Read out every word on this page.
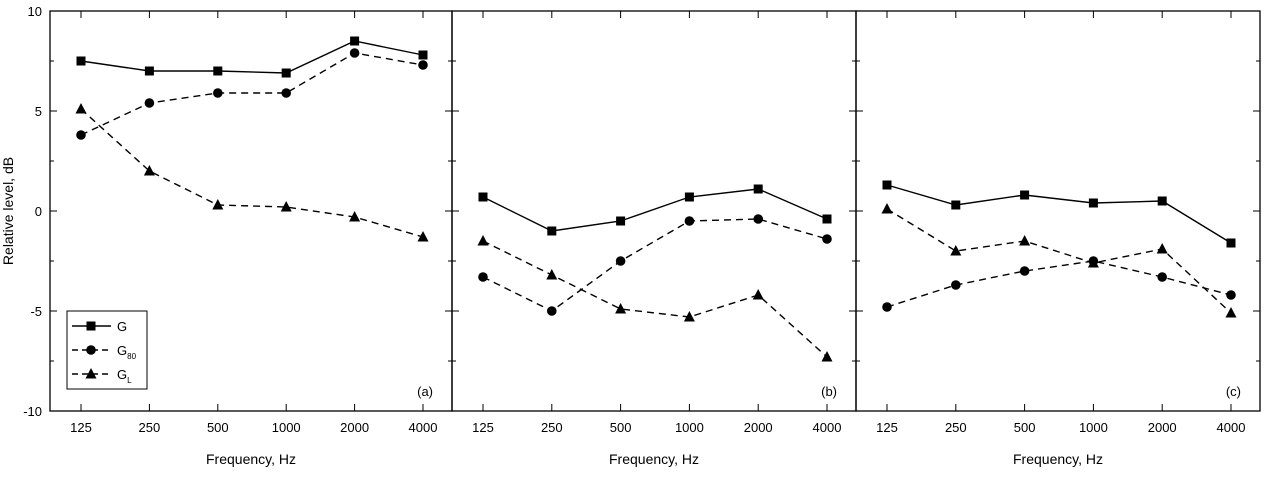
10
5
0
-5
-10
Relative level, dB
125	250	500	1000	2000	4000
Frequency, Hz
(a)
125	250	500	1000	2000	4000
Frequency, Hz
(b)
125	250	500	1000	2000	4000
Frequency, Hz
(c)
G
$G_{80}$
$G_L$
